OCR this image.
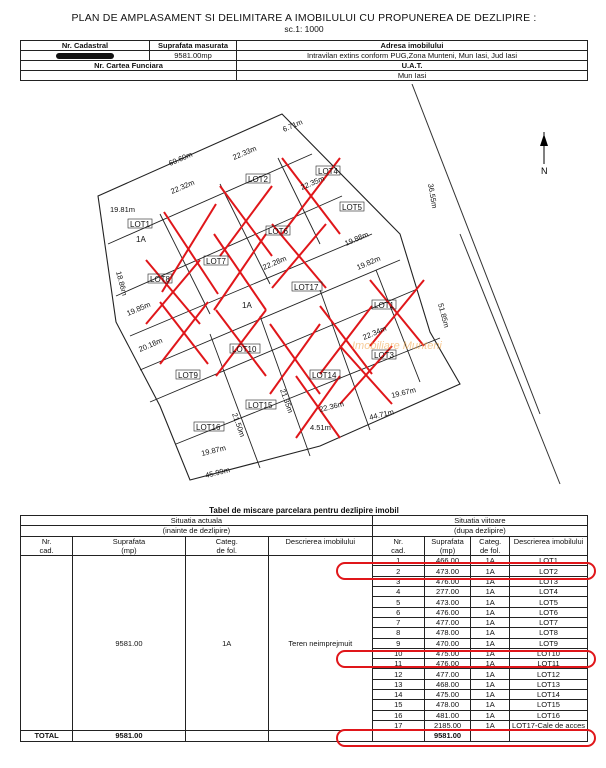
PLAN DE AMPLASAMENT SI DELIMITARE A IMOBILULUI CU PROPUNEREA DE DEZLIPIRE :
sc.1: 1000
Nr. Cadastral	Suprafata masurata	Adresa imobilului
	9581.00mp	Intravilan extins conform PUG,Zona Munteni, Mun Iasi, Jud Iasi
Nr. Cartea Funciara		U.A.T.
		Mun Iasi
N
LOT1
1A
LOT2
LOT4
LOT5
LOT6
LOT7
LOT8
LOT17
1A	LOT1
LOT3
LOT10
LOT9
LOT15
LOT16
LOT14
69.60m
19.81m
36.55m
51.85m
45.99m
44.71m
19.87m
22.32m
22.33m
22.35m
22.34m
19.88m
19.82m
21.50m
21.35m
20.18m
19.85m
18.86m
22.28m
4.51m
19.67m
22.36m
6.71m
Imobiliare Munteni
Tabel de miscare parcelara pentru dezlipire imobil
Situatia actuala				Situatia viitoare			
(inainte de dezlipire)				(dupa dezlipire)			
Nr.	Suprafata	Categ.	Descrierea imobilului	Nr.	Suprafata	Categ.	Descrierea imobilului
cad.	(mp)	de fol.		cad.	(mp)	de fol.	
	9581.00	1A	Teren neimprejmuit	1	466.00	1A	LOT1
				2	473.00	1A	LOT2
				3	476.00	1A	LOT3
				4	277.00	1A	LOT4
				5	473.00	1A	LOT5
				6	476.00	1A	LOT6
				7	477.00	1A	LOT7
				8	478.00	1A	LOT8
				9	470.00	1A	LOT9
				10	475.00	1A	LOT10
				11	476.00	1A	LOT11
				12	477.00	1A	LOT12
				13	468.00	1A	LOT13
				14	475.00	1A	LOT14
				15	478.00	1A	LOT15
				16	481.00	1A	LOT16
				17	2185.00	1A	LOT17-Cale de acces
TOTAL	9581.00				9581.00		
